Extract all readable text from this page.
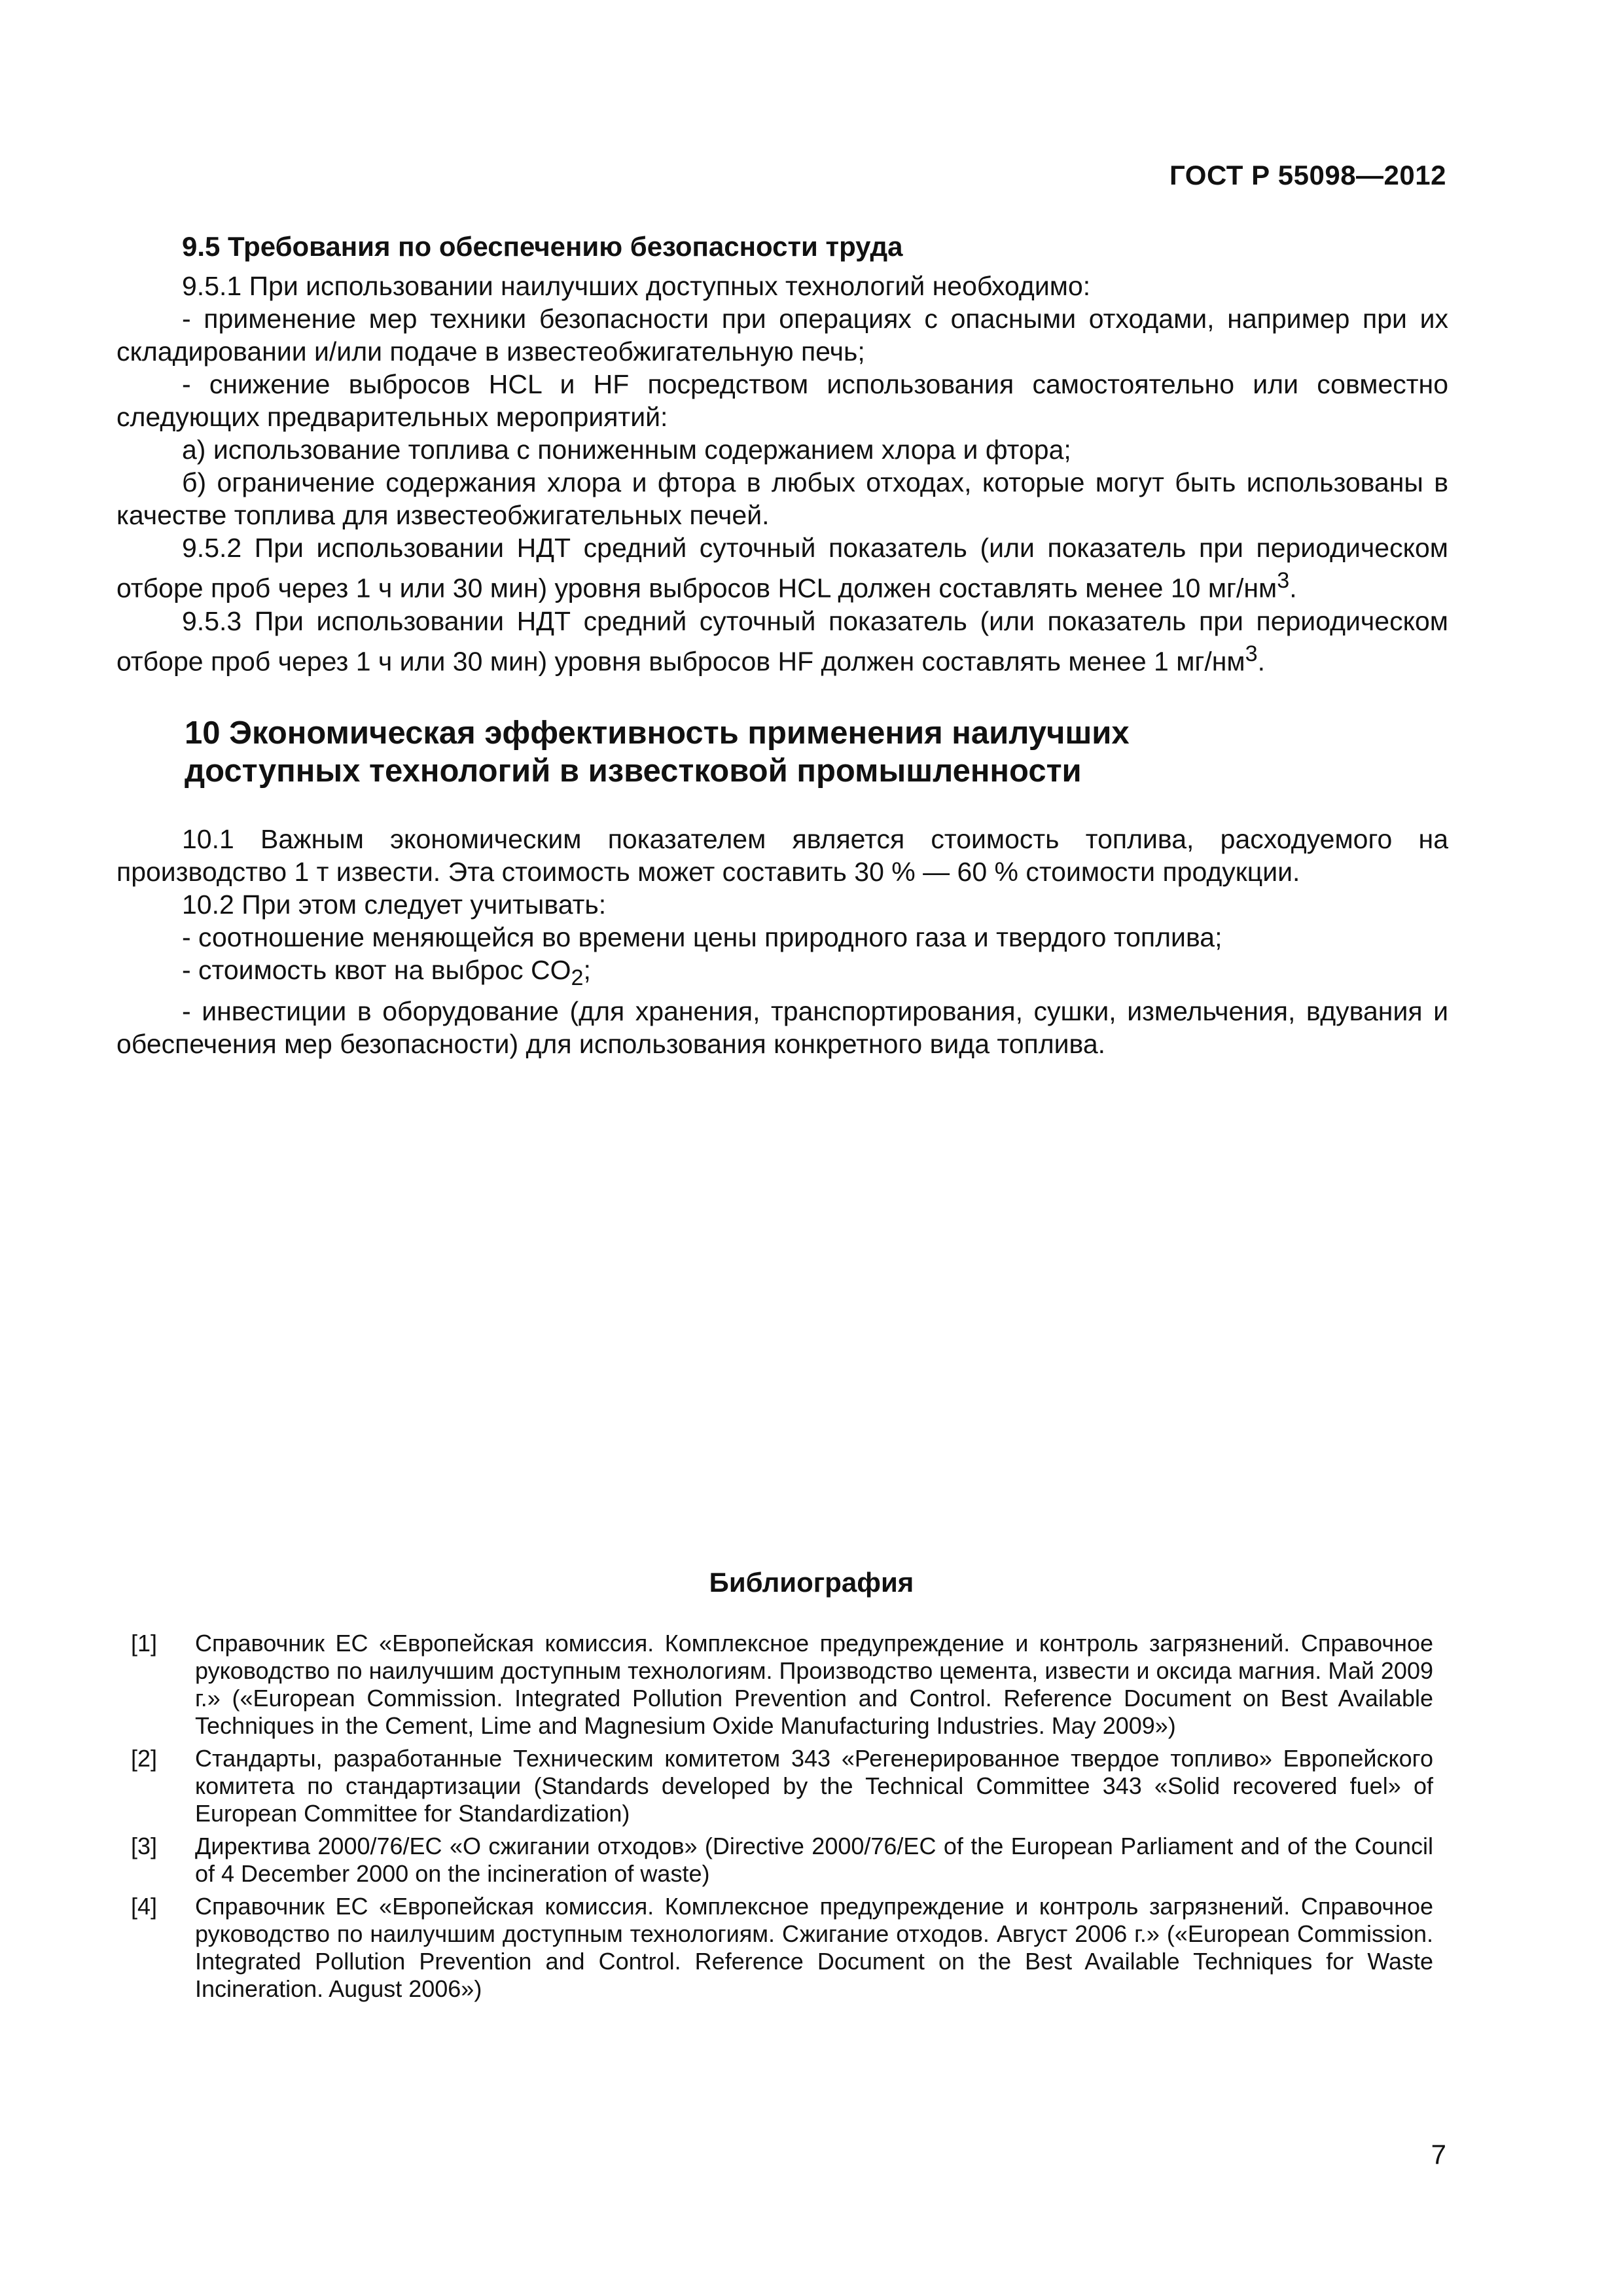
ГОСТ Р 55098—2012
9.5 Требования по обеспечению безопасности труда

9.5.1 При использовании наилучших доступных технологий необходимо:

- применение мер техники безопасности при операциях с опасными отходами, например при их складировании и/или подаче в известеобжигательную печь;

- снижение выбросов HCL и HF посредством использования самостоятельно или совместно следующих предварительных мероприятий:

а) использование топлива с пониженным содержанием хлора и фтора;

б) ограничение содержания хлора и фтора в любых отходах, которые могут быть использованы в качестве топлива для известеобжигательных печей.

9.5.2 При использовании НДТ средний суточный показатель (или показатель при периодическом отборе проб через 1 ч или 30 мин) уровня выбросов HCL должен составлять менее 10 $мг/нм^3$.

9.5.3 При использовании НДТ средний суточный показатель (или показатель при периодическом отборе проб через 1 ч или 30 мин) уровня выбросов HF должен составлять менее 1 $мг/нм^3$.

10 Экономическая эффективность применения наилучших
доступных технологий в известковой промышленности

10.1 Важным экономическим показателем является стоимость топлива, расходуемого на производство 1 т извести. Эта стоимость может составить 30 % — 60 % стоимости продукции.

10.2 При этом следует учитывать:

- соотношение меняющейся во времени цены природного газа и твердого топлива;

- стоимость квот на выброс $CO_2$;

- инвестиции в оборудование (для хранения, транспортирования, сушки, измельчения, вдувания и обеспечения мер безопасности) для использования конкретного вида топлива.

Библиография
[1]	Справочник ЕС «Европейская комиссия. Комплексное предупреждение и контроль загрязнений. Справочное руководство по наилучшим доступным технологиям. Производство цемента, извести и оксида магния. Май 2009 г.» («European Commission. Integrated Pollution Prevention and Control. Reference Document on Best Available Techniques in the Cement, Lime and Magnesium Oxide Manufacturing Industries. May 2009»)
[2]	Стандарты, разработанные Техническим комитетом 343 «Регенерированное твердое топливо» Европейского комитета по стандартизации (Standards developed by the Technical Committee 343 «Solid recovered fuel» of European Committee for Standardization)
[3]	Директива 2000/76/ЕС «О сжигании отходов» (Directive 2000/76/EC of the European Parliament and of the Council of 4 December 2000 on the incineration of waste)
[4]	Справочник ЕС «Европейская комиссия. Комплексное предупреждение и контроль загрязнений. Справочное руководство по наилучшим доступным технологиям. Сжигание отходов. Август 2006 г.» («European Commission. Integrated Pollution Prevention and Control. Reference Document on the Best Available Techniques for Waste Incineration. August 2006»)
7
